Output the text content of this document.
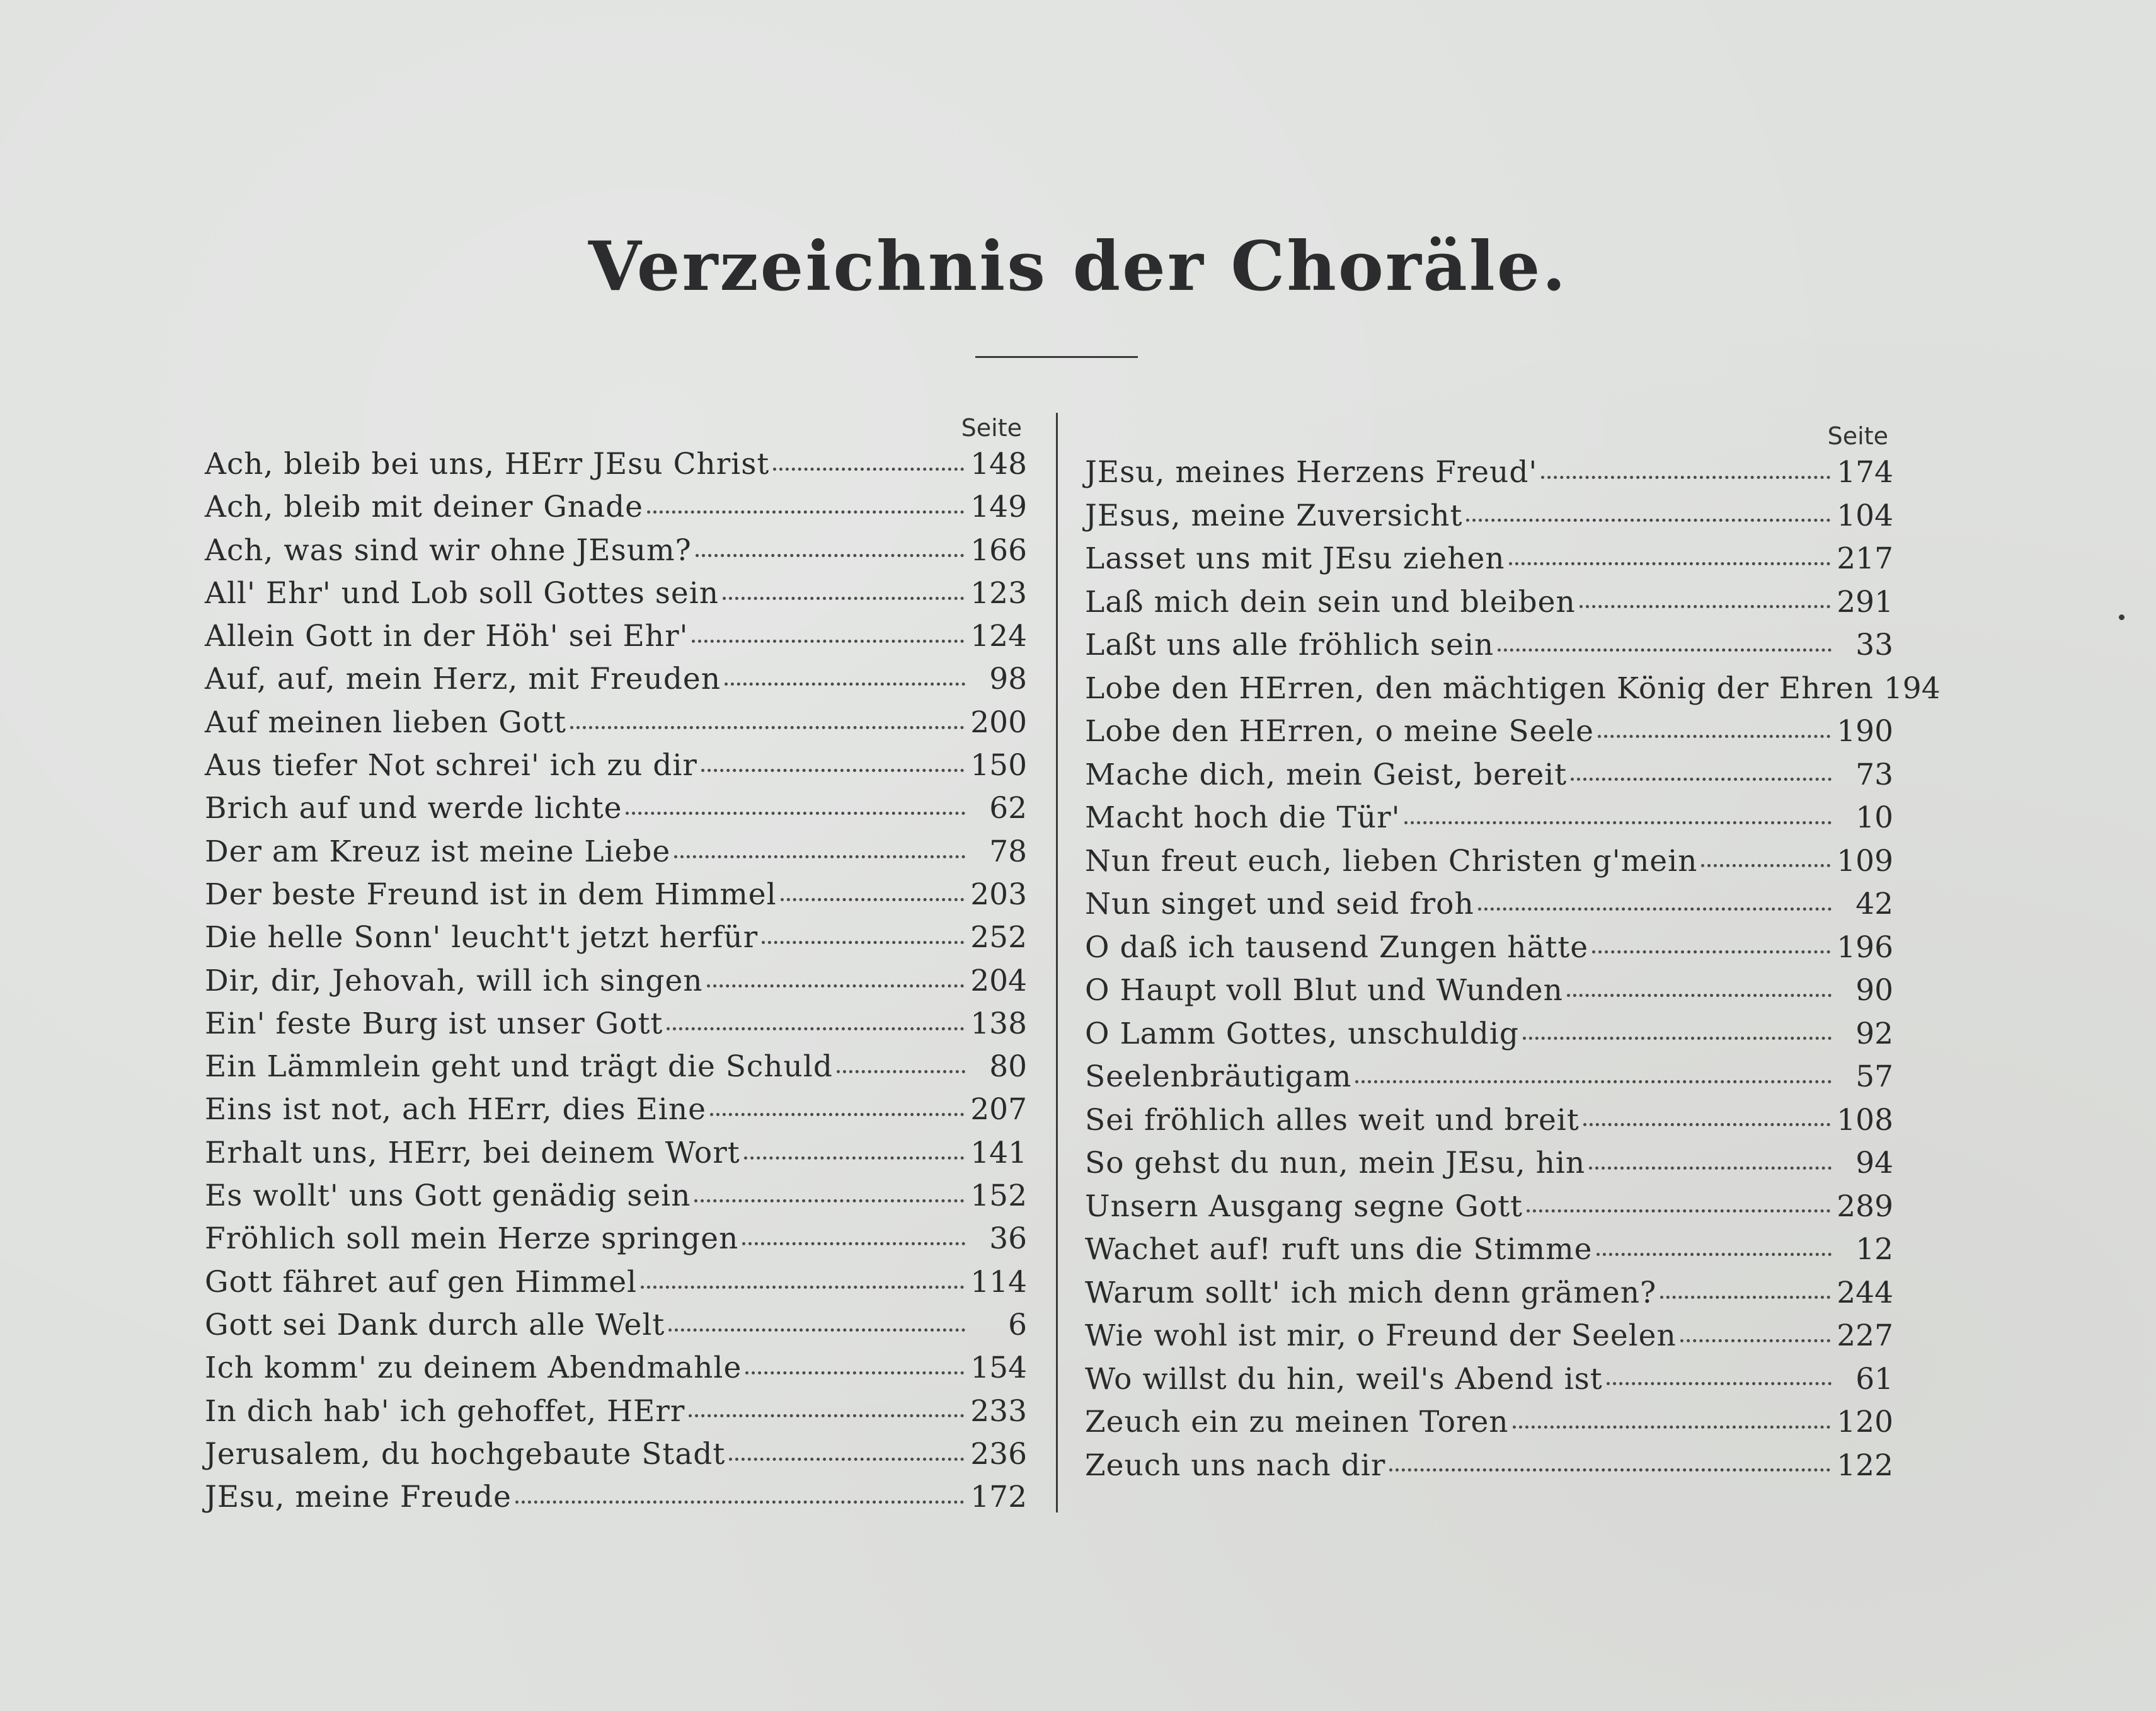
Verzeichnis der Choräle.
Seite
Ach, bleib bei uns, HErr JEsu Christ	148
Ach, bleib mit deiner Gnade	149
Ach, was sind wir ohne JEsum?	166
All' Ehr' und Lob soll Gottes sein	123
Allein Gott in der Höh' sei Ehr'	124
Auf, auf, mein Herz, mit Freuden	98
Auf meinen lieben Gott	200
Aus tiefer Not schrei' ich zu dir	150
Brich auf und werde lichte	62
Der am Kreuz ist meine Liebe	78
Der beste Freund ist in dem Himmel	203
Die helle Sonn' leucht't jetzt herfür	252
Dir, dir, Jehovah, will ich singen	204
Ein' feste Burg ist unser Gott	138
Ein Lämmlein geht und trägt die Schuld	80
Eins ist not, ach HErr, dies Eine	207
Erhalt uns, HErr, bei deinem Wort	141
Es wollt' uns Gott genädig sein	152
Fröhlich soll mein Herze springen	36
Gott fähret auf gen Himmel	114
Gott sei Dank durch alle Welt	6
Ich komm' zu deinem Abendmahle	154
In dich hab' ich gehoffet, HErr	233
Jerusalem, du hochgebaute Stadt	236
JEsu, meine Freude	172
Seite
JEsu, meines Herzens Freud'	174
JEsus, meine Zuversicht	104
Lasset uns mit JEsu ziehen	217
Laß mich dein sein und bleiben	291
Laßt uns alle fröhlich sein	33
Lobe den HErren, den mächtigen König der Ehren 194
Lobe den HErren, o meine Seele	190
Mache dich, mein Geist, bereit	73
Macht hoch die Tür'	10
Nun freut euch, lieben Christen g'mein	109
Nun singet und seid froh	42
O daß ich tausend Zungen hätte	196
O Haupt voll Blut und Wunden	90
O Lamm Gottes, unschuldig	92
Seelenbräutigam	57
Sei fröhlich alles weit und breit	108
So gehst du nun, mein JEsu, hin	94
Unsern Ausgang segne Gott	289
Wachet auf! ruft uns die Stimme	12
Warum sollt' ich mich denn grämen?	244
Wie wohl ist mir, o Freund der Seelen	227
Wo willst du hin, weil's Abend ist	61
Zeuch ein zu meinen Toren	120
Zeuch uns nach dir	122
